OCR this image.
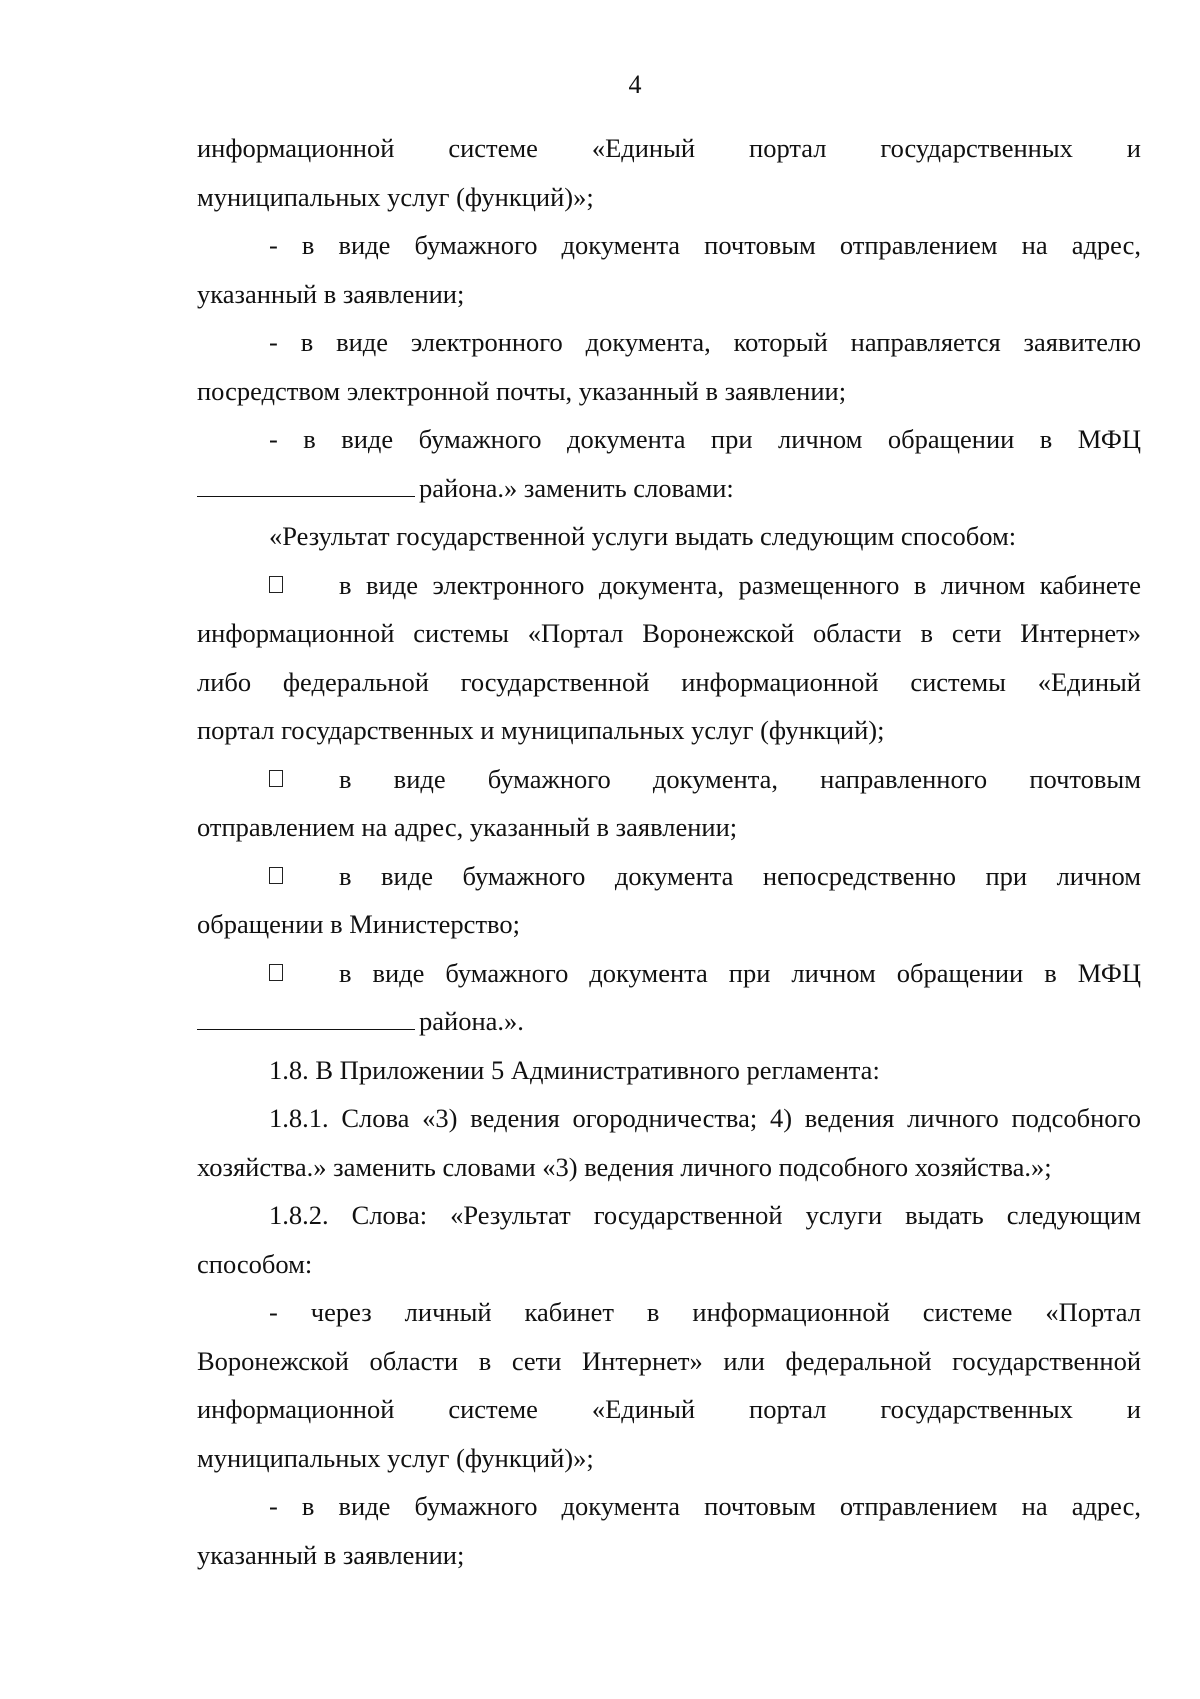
4
информационной системе «Единый портал государственных и
муниципальных услуг (функций)»;
- в виде бумажного документа почтовым отправлением на адрес,
указанный в заявлении;
- в виде электронного документа, который направляется заявителю
посредством электронной почты, указанный в заявлении;
- в виде бумажного документа при личном обращении в МФЦ
района.» заменить словами:
«Результат государственной услуги выдать следующим способом:
в виде электронного документа, размещенного в личном кабинете
информационной системы «Портал Воронежской области в сети Интернет»
либо федеральной государственной информационной системы «Единый
портал государственных и муниципальных услуг (функций);
в виде бумажного документа, направленного почтовым
отправлением на адрес, указанный в заявлении;
в виде бумажного документа непосредственно при личном
обращении в Министерство;
в виде бумажного документа при личном обращении в МФЦ
района.».
1.8. В Приложении 5 Административного регламента:
1.8.1. Слова «3) ведения огородничества; 4) ведения личного подсобного
хозяйства.» заменить словами «3) ведения личного подсобного хозяйства.»;
1.8.2. Слова: «Результат государственной услуги выдать следующим
способом:
- через личный кабинет в информационной системе «Портал
Воронежской области в сети Интернет» или федеральной государственной
информационной системе «Единый портал государственных и
муниципальных услуг (функций)»;
- в виде бумажного документа почтовым отправлением на адрес,
указанный в заявлении;
